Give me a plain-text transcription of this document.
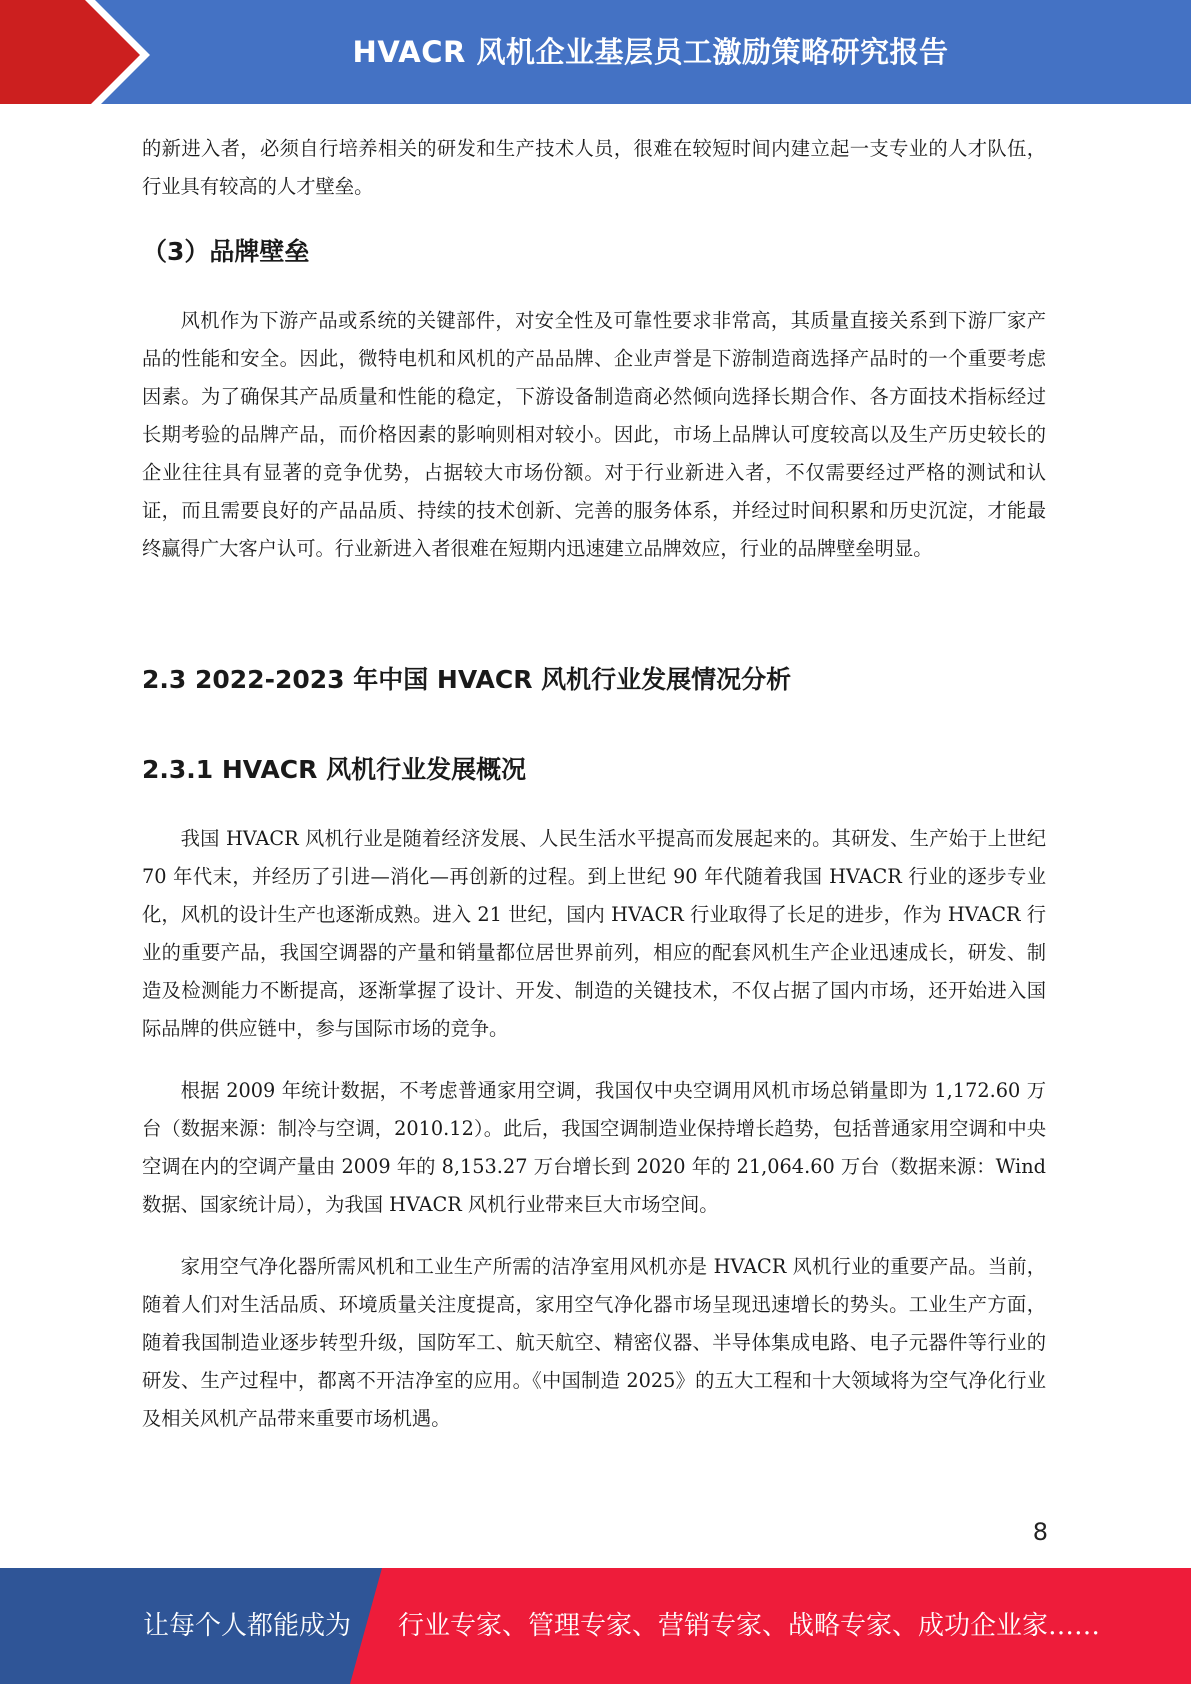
HVACR 风机企业基层员工激励策略研究报告

的新进入者，必须自行培养相关的研发和生产技术人员，很难在较短时间内建立起一支专业的人才队伍，行业具有较高的人才壁垒。

（3）品牌壁垒

风机作为下游产品或系统的关键部件，对安全性及可靠性要求非常高，其质量直接关系到下游厂家产品的性能和安全。因此，微特电机和风机的产品品牌、企业声誉是下游制造商选择产品时的一个重要考虑因素。为了确保其产品质量和性能的稳定，下游设备制造商必然倾向选择长期合作、各方面技术指标经过长期考验的品牌产品，而价格因素的影响则相对较小。因此，市场上品牌认可度较高以及生产历史较长的企业往往具有显著的竞争优势，占据较大市场份额。对于行业新进入者，不仅需要经过严格的测试和认证，而且需要良好的产品品质、持续的技术创新、完善的服务体系，并经过时间积累和历史沉淀，才能最终赢得广大客户认可。行业新进入者很难在短期内迅速建立品牌效应，行业的品牌壁垒明显。

2.3 2022-2023 年中国 HVACR 风机行业发展情况分析
2.3.1 HVACR 风机行业发展概况

我国 HVACR 风机行业是随着经济发展、人民生活水平提高而发展起来的。其研发、生产始于上世纪 70 年代末，并经历了引进—消化—再创新的过程。到上世纪 90 年代随着我国 HVACR 行业的逐步专业化，风机的设计生产也逐渐成熟。进入 21 世纪，国内 HVACR 行业取得了长足的进步，作为 HVACR 行业的重要产品，我国空调器的产量和销量都位居世界前列，相应的配套风机生产企业迅速成长，研发、制造及检测能力不断提高，逐渐掌握了设计、开发、制造的关键技术，不仅占据了国内市场，还开始进入国际品牌的供应链中，参与国际市场的竞争。

根据 2009 年统计数据，不考虑普通家用空调，我国仅中央空调用风机市场总销量即为 1,172.60 万台（数据来源：制冷与空调，2010.12）。此后，我国空调制造业保持增长趋势，包括普通家用空调和中央空调在内的空调产量由 2009 年的 8,153.27 万台增长到 2020 年的 21,064.60 万台（数据来源：Wind 数据、国家统计局），为我国 HVACR 风机行业带来巨大市场空间。

家用空气净化器所需风机和工业生产所需的洁净室用风机亦是 HVACR 风机行业的重要产品。当前，随着人们对生活品质、环境质量关注度提高，家用空气净化器市场呈现迅速增长的势头。工业生产方面，随着我国制造业逐步转型升级，国防军工、航天航空、精密仪器、半导体集成电路、电子元器件等行业的研发、生产过程中，都离不开洁净室的应用。《中国制造 2025》的五大工程和十大领域将为空气净化行业及相关风机产品带来重要市场机遇。

8
让每个人都能成为 行业专家、管理专家、营销专家、战略专家、成功企业家……
